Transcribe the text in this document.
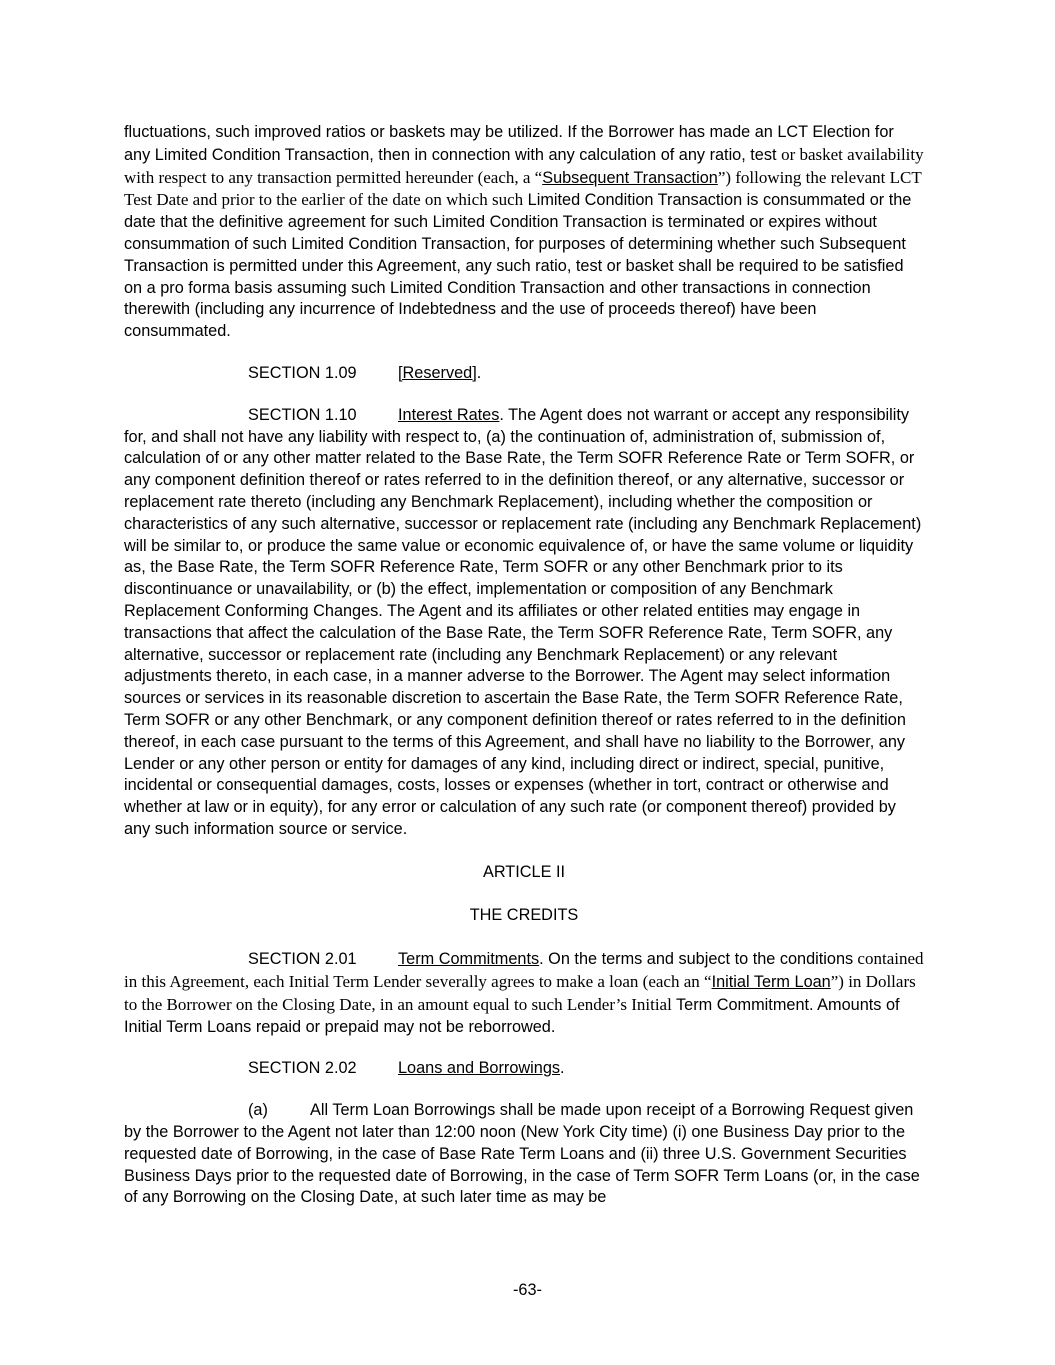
fluctuations, such improved ratios or baskets may be utilized. If the Borrower has made an LCT Election for any Limited Condition Transaction, then in connection with any calculation of any ratio, test or basket availability with respect to any transaction permitted hereunder (each, a “Subsequent Transaction”) following the relevant LCT Test Date and prior to the earlier of the date on which such Limited Condition Transaction is consummated or the date that the definitive agreement for such Limited Condition Transaction is terminated or expires without consummation of such Limited Condition Transaction, for purposes of determining whether such Subsequent Transaction is permitted under this Agreement, any such ratio, test or basket shall be required to be satisfied on a pro forma basis assuming such Limited Condition Transaction and other transactions in connection therewith (including any incurrence of Indebtedness and the use of proceeds thereof) have been consummated.

SECTION 1.09	[Reserved].

SECTION 1.10	Interest Rates. The Agent does not warrant or accept any responsibility for, and shall not have any liability with respect to, (a) the continuation of, administration of, submission of, calculation of or any other matter related to the Base Rate, the Term SOFR Reference Rate or Term SOFR, or any component definition thereof or rates referred to in the definition thereof, or any alternative, successor or replacement rate thereto (including any Benchmark Replacement), including whether the composition or characteristics of any such alternative, successor or replacement rate (including any Benchmark Replacement) will be similar to, or produce the same value or economic equivalence of, or have the same volume or liquidity as, the Base Rate, the Term SOFR Reference Rate, Term SOFR or any other Benchmark prior to its discontinuance or unavailability, or (b) the effect, implementation or composition of any Benchmark Replacement Conforming Changes. The Agent and its affiliates or other related entities may engage in transactions that affect the calculation of the Base Rate, the Term SOFR Reference Rate, Term SOFR, any alternative, successor or replacement rate (including any Benchmark Replacement) or any relevant adjustments thereto, in each case, in a manner adverse to the Borrower. The Agent may select information sources or services in its reasonable discretion to ascertain the Base Rate, the Term SOFR Reference Rate, Term SOFR or any other Benchmark, or any component definition thereof or rates referred to in the definition thereof, in each case pursuant to the terms of this Agreement, and shall have no liability to the Borrower, any Lender or any other person or entity for damages of any kind, including direct or indirect, special, punitive, incidental or consequential damages, costs, losses or expenses (whether in tort, contract or otherwise and whether at law or in equity), for any error or calculation of any such rate (or component thereof) provided by any such information source or service.

ARTICLE II

THE CREDITS

SECTION 2.01	Term Commitments. On the terms and subject to the conditions contained in this Agreement, each Initial Term Lender severally agrees to make a loan (each an “Initial Term Loan”) in Dollars to the Borrower on the Closing Date, in an amount equal to such Lender’s Initial Term Commitment. Amounts of Initial Term Loans repaid or prepaid may not be reborrowed.

SECTION 2.02	Loans and Borrowings.

(a)	All Term Loan Borrowings shall be made upon receipt of a Borrowing Request given by the Borrower to the Agent not later than 12:00 noon (New York City time) (i) one Business Day prior to the requested date of Borrowing, in the case of Base Rate Term Loans and (ii) three U.S. Government Securities Business Days prior to the requested date of Borrowing, in the case of Term SOFR Term Loans (or, in the case of any Borrowing on the Closing Date, at such later time as may be

-63-
